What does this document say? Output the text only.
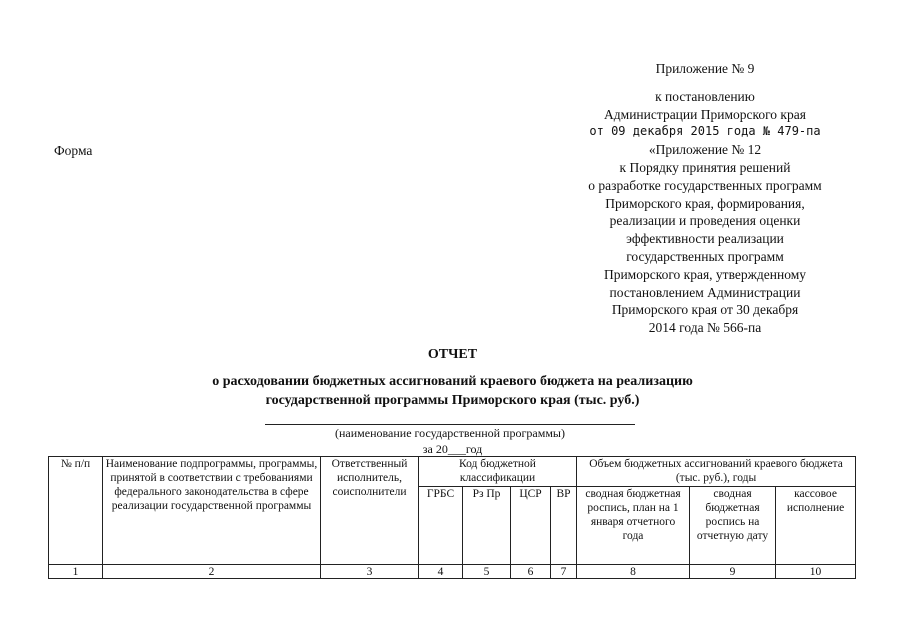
Приложение № 9
к постановлению
Администрации Приморского края
от 09 декабря 2015 года № 479-па
«Приложение № 12
к Порядку принятия решений
о разработке государственных программ
Приморского края, формирования,
реализации и проведения оценки
эффективности реализации
государственных программ
Приморского края, утвержденному
постановлением Администрации
Приморского края от 30 декабря
2014 года № 566-па
Форма
ОТЧЕТ
о расходовании бюджетных ассигнований краевого бюджета на реализацию
государственной программы Приморского края (тыс. руб.)
(наименование государственной программы)
за 20___год
№ п/п	Наименование подпрограммы, программы, принятой в соответствии с требованиями федерального законодательства в сфере реализации государственной программы	Ответственный исполнитель, соисполнители	Код бюджетной классификации				Объем бюджетных ассигнований краевого бюджета (тыс. руб.), годы		
			ГРБС	Рз Пр	ЦСР	ВР	сводная бюджетная роспись, план на 1 января отчетного года	сводная бюджетная роспись на отчетную дату	кассовое исполнение
1	2	3	4	5	6	7	8	9	10
